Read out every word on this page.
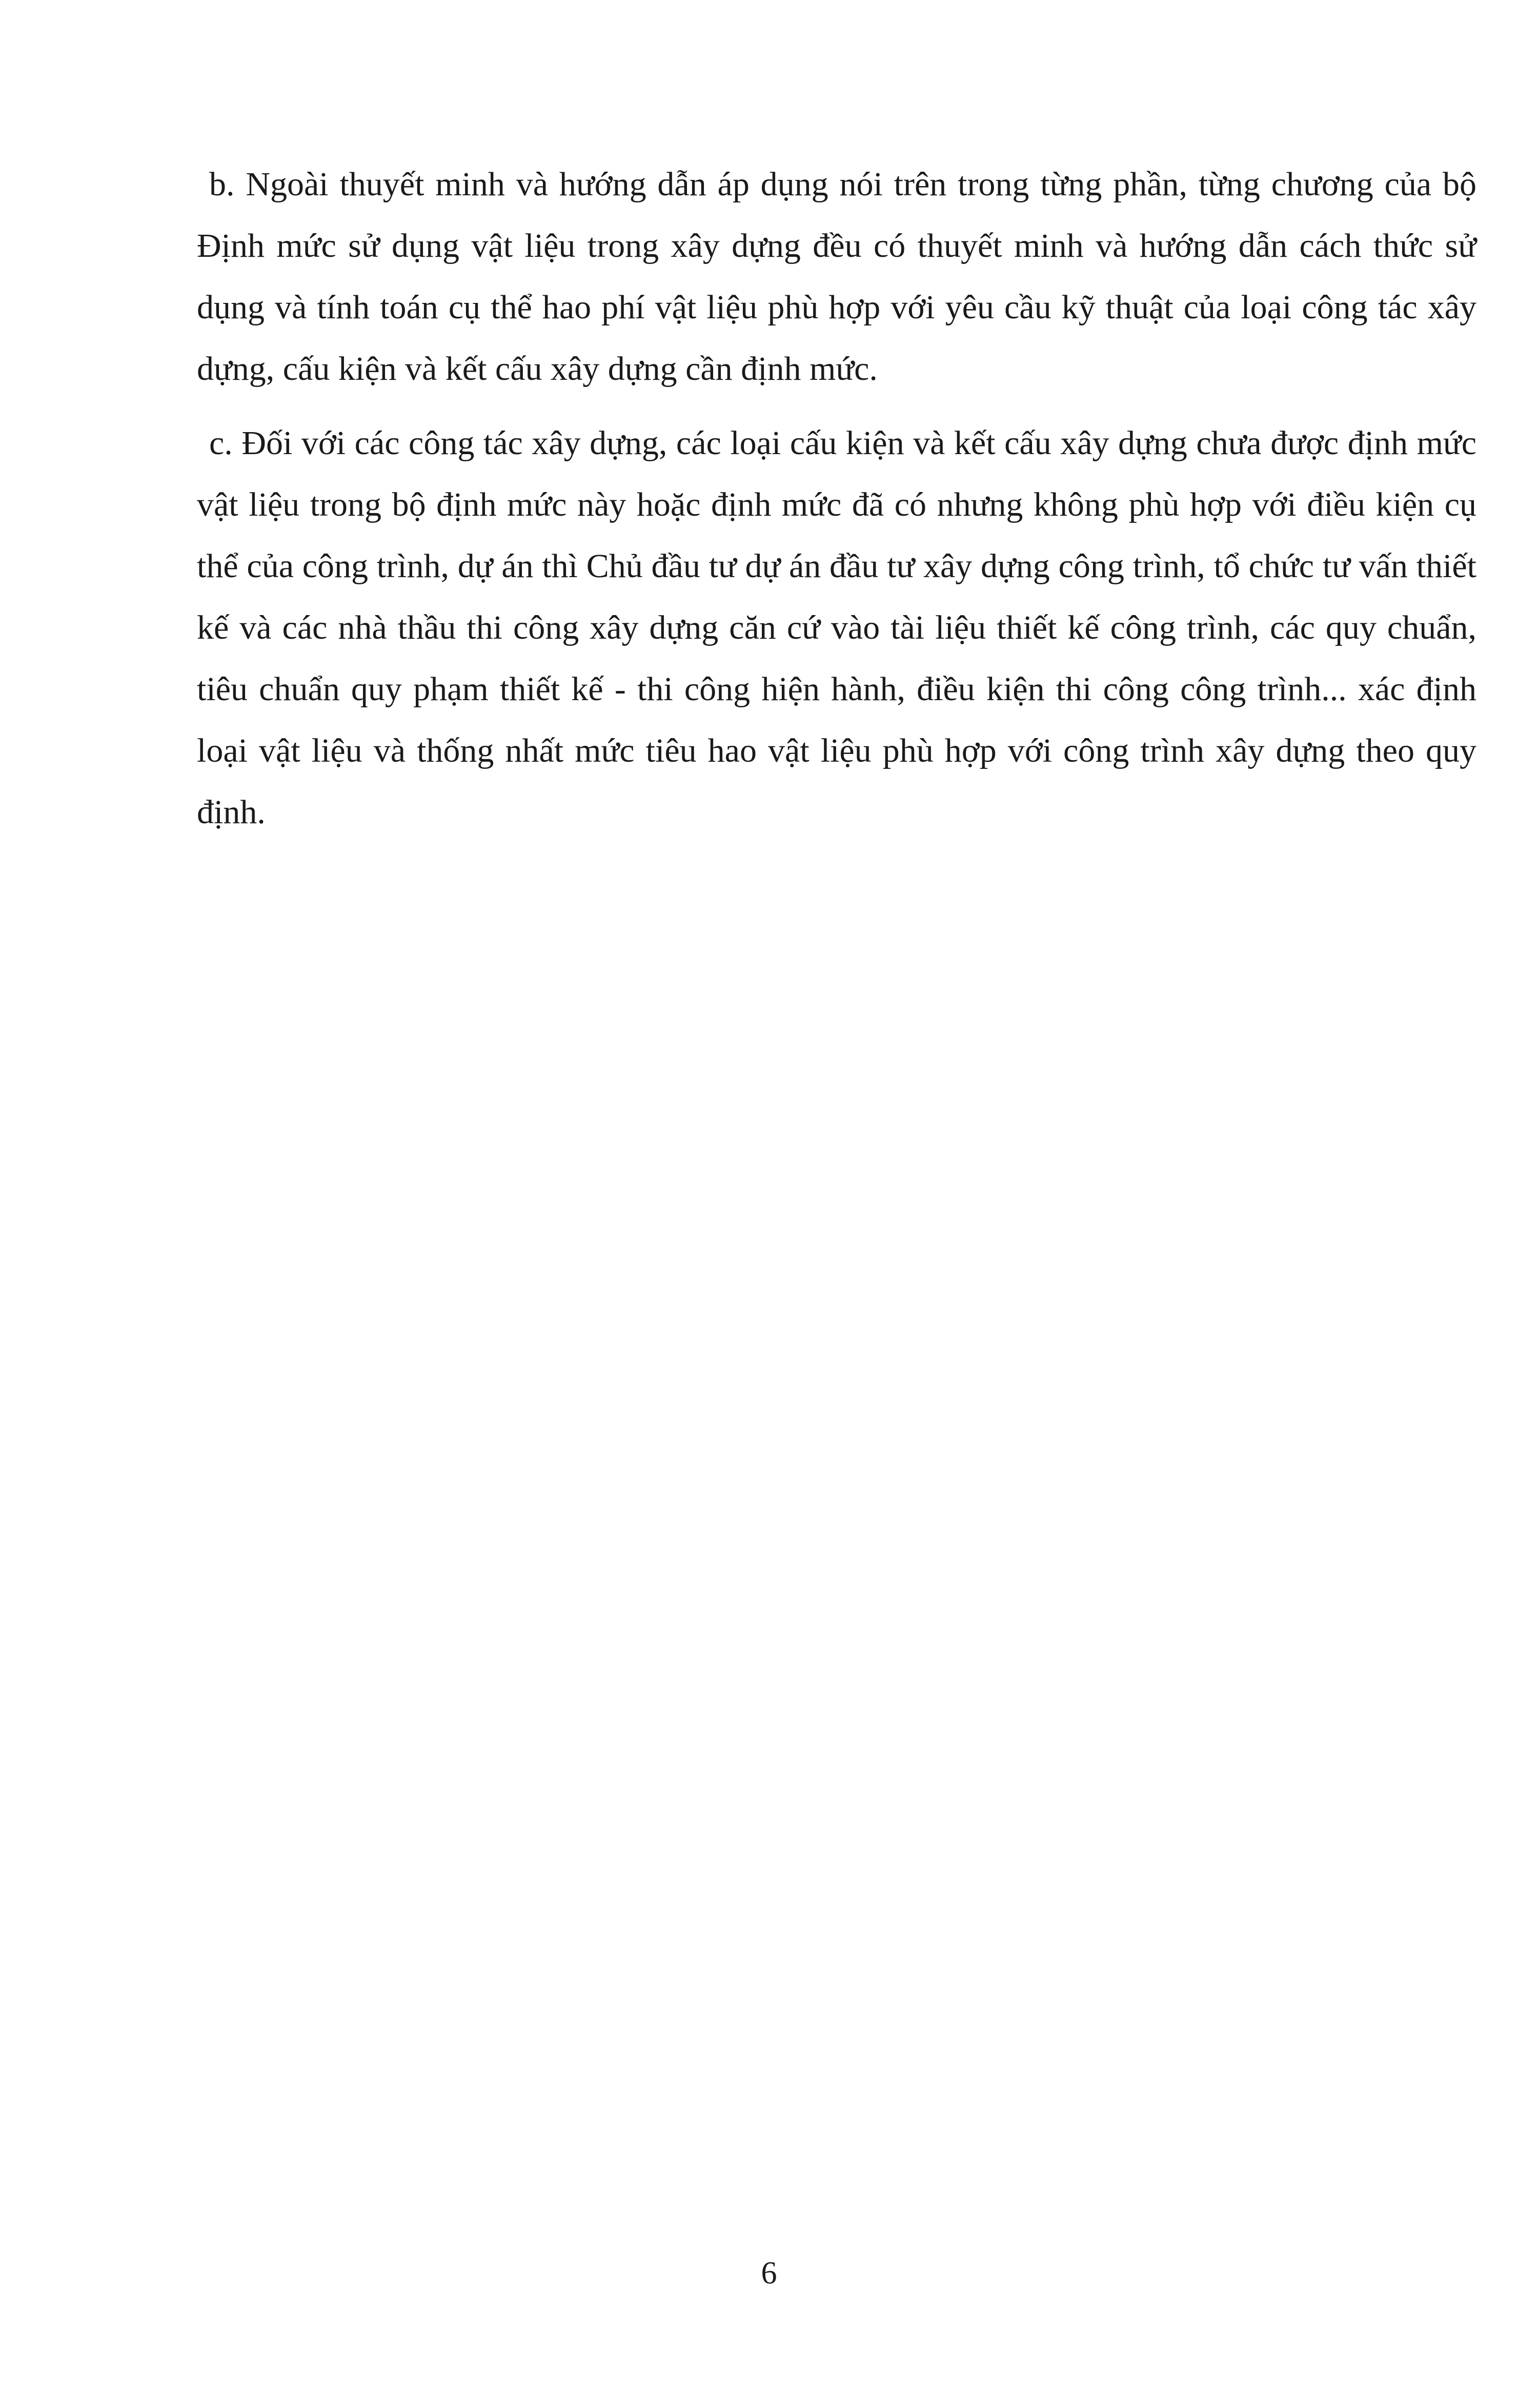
b. Ngoài thuyết minh và hướng dẫn áp dụng nói trên trong từng phần, từng chương của bộ Định mức sử dụng vật liệu trong xây dựng đều có thuyết minh và hướng dẫn cách thức sử dụng và tính toán cụ thể hao phí vật liệu phù hợp với yêu cầu kỹ thuật của loại công tác xây dựng, cấu kiện và kết cấu xây dựng cần định mức.

c. Đối với các công tác xây dựng, các loại cấu kiện và kết cấu xây dựng chưa được định mức vật liệu trong bộ định mức này hoặc định mức đã có nhưng không phù hợp với điều kiện cụ thể của công trình, dự án thì Chủ đầu tư dự án đầu tư xây dựng công trình, tổ chức tư vấn thiết kế và các nhà thầu thi công xây dựng căn cứ vào tài liệu thiết kế công trình, các quy chuẩn, tiêu chuẩn quy phạm thiết kế - thi công hiện hành, điều kiện thi công công trình... xác định loại vật liệu và thống nhất mức tiêu hao vật liệu phù hợp với công trình xây dựng theo quy định.

6
